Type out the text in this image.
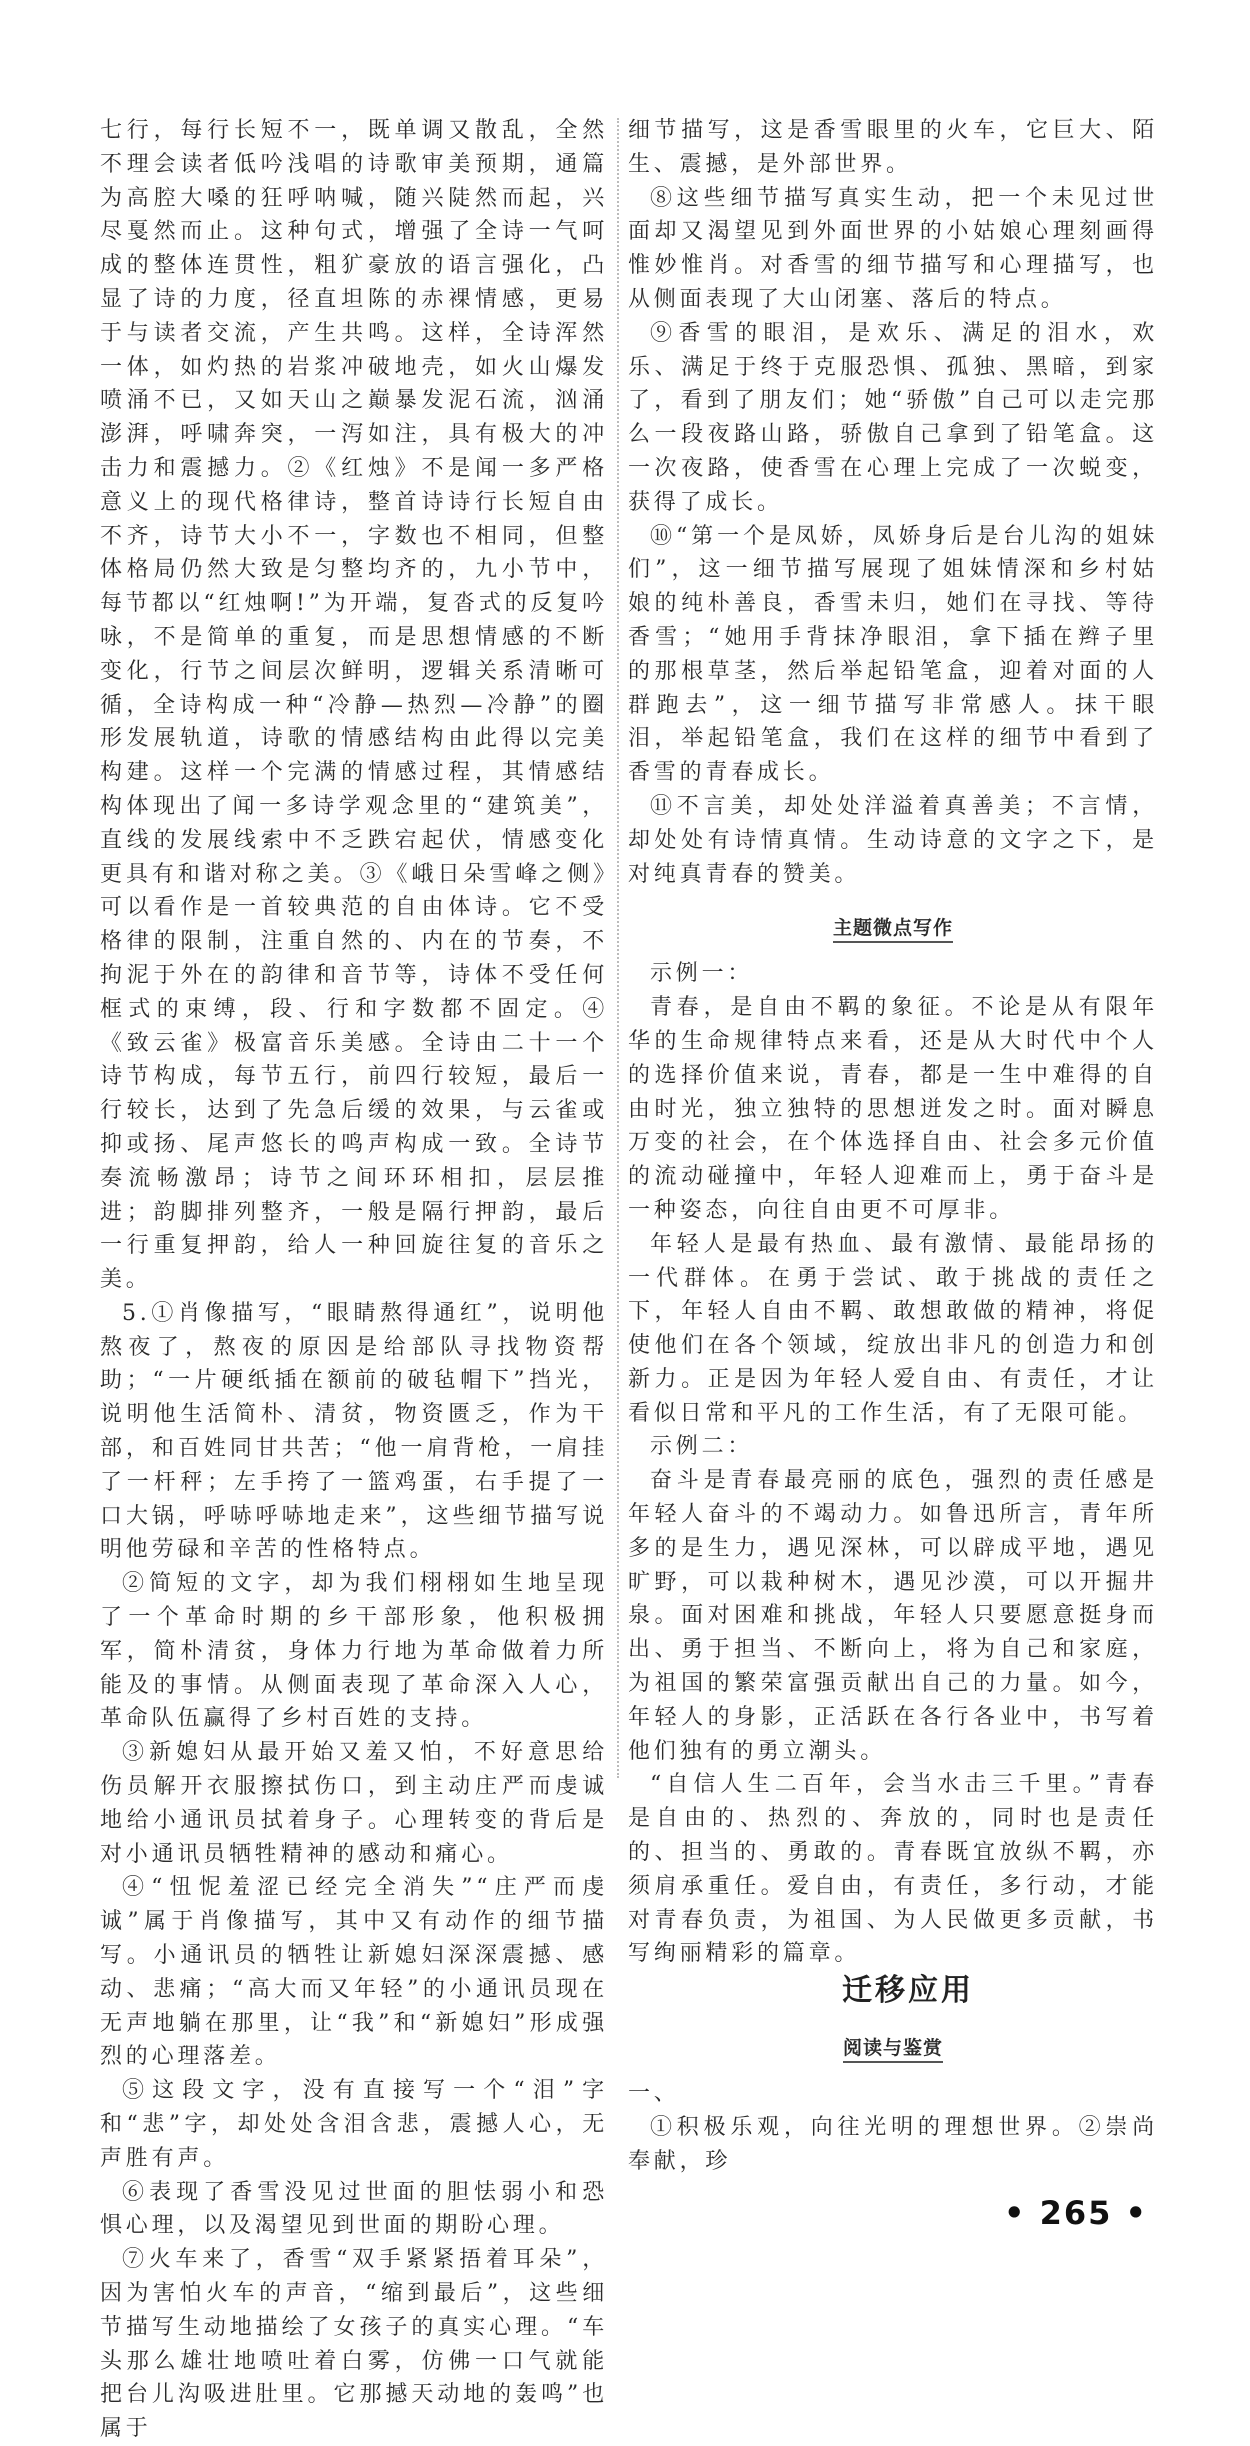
七行，每行长短不一，既单调又散乱，全然不理会读者低吟浅唱的诗歌审美预期，通篇为高腔大嗓的狂呼呐喊，随兴陡然而起，兴尽戛然而止。这种句式，增强了全诗一气呵成的整体连贯性，粗犷豪放的语言强化，凸显了诗的力度，径直坦陈的赤裸情感，更易于与读者交流，产生共鸣。这样，全诗浑然一体，如灼热的岩浆冲破地壳，如火山爆发喷涌不已，又如天山之巅暴发泥石流，汹涌澎湃，呼啸奔突，一泻如注，具有极大的冲击力和震撼力。②《红烛》不是闻一多严格意义上的现代格律诗，整首诗诗行长短自由不齐，诗节大小不一，字数也不相同，但整体格局仍然大致是匀整均齐的，九小节中，每节都以“红烛啊!”为开端，复沓式的反复吟咏，不是简单的重复，而是思想情感的不断变化，行节之间层次鲜明，逻辑关系清晰可循，全诗构成一种“冷静—热烈—冷静”的圈形发展轨道，诗歌的情感结构由此得以完美构建。这样一个完满的情感过程，其情感结构体现出了闻一多诗学观念里的“建筑美”，直线的发展线索中不乏跌宕起伏，情感变化更具有和谐对称之美。③《峨日朵雪峰之侧》可以看作是一首较典范的自由体诗。它不受格律的限制，注重自然的、内在的节奏，不拘泥于外在的韵律和音节等，诗体不受任何框式的束缚，段、行和字数都不固定。④《致云雀》极富音乐美感。全诗由二十一个诗节构成，每节五行，前四行较短，最后一行较长，达到了先急后缓的效果，与云雀或抑或扬、尾声悠长的鸣声构成一致。全诗节奏流畅激昂；诗节之间环环相扣，层层推进；韵脚排列整齐，一般是隔行押韵，最后一行重复押韵，给人一种回旋往复的音乐之美。

5.①肖像描写，“眼睛熬得通红”，说明他熬夜了，熬夜的原因是给部队寻找物资帮助；“一片硬纸插在额前的破毡帽下”挡光，说明他生活简朴、清贫，物资匮乏，作为干部，和百姓同甘共苦；“他一肩背枪，一肩挂了一杆秤；左手挎了一篮鸡蛋，右手提了一口大锅，呼哧呼哧地走来”，这些细节描写说明他劳碌和辛苦的性格特点。

②简短的文字，却为我们栩栩如生地呈现了一个革命时期的乡干部形象，他积极拥军，简朴清贫，身体力行地为革命做着力所能及的事情。从侧面表现了革命深入人心，革命队伍赢得了乡村百姓的支持。

③新媳妇从最开始又羞又怕，不好意思给伤员解开衣服擦拭伤口，到主动庄严而虔诚地给小通讯员拭着身子。心理转变的背后是对小通讯员牺牲精神的感动和痛心。

④“忸怩羞涩已经完全消失”“庄严而虔诚”属于肖像描写，其中又有动作的细节描写。小通讯员的牺牲让新媳妇深深震撼、感动、悲痛；“高大而又年轻”的小通讯员现在无声地躺在那里，让“我”和“新媳妇”形成强烈的心理落差。

⑤这段文字，没有直接写一个“泪”字和“悲”字，却处处含泪含悲，震撼人心，无声胜有声。

⑥表现了香雪没见过世面的胆怯弱小和恐惧心理，以及渴望见到世面的期盼心理。

⑦火车来了，香雪“双手紧紧捂着耳朵”，因为害怕火车的声音，“缩到最后”，这些细节描写生动地描绘了女孩子的真实心理。“车头那么雄壮地喷吐着白雾，仿佛一口气就能把台儿沟吸进肚里。它那撼天动地的轰鸣”也属于

细节描写，这是香雪眼里的火车，它巨大、陌生、震撼，是外部世界。

⑧这些细节描写真实生动，把一个未见过世面却又渴望见到外面世界的小姑娘心理刻画得惟妙惟肖。对香雪的细节描写和心理描写，也从侧面表现了大山闭塞、落后的特点。

⑨香雪的眼泪，是欢乐、满足的泪水，欢乐、满足于终于克服恐惧、孤独、黑暗，到家了，看到了朋友们；她“骄傲”自己可以走完那么一段夜路山路，骄傲自己拿到了铅笔盒。这一次夜路，使香雪在心理上完成了一次蜕变，获得了成长。

⑩“第一个是凤娇，凤娇身后是台儿沟的姐妹们”，这一细节描写展现了姐妹情深和乡村姑娘的纯朴善良，香雪未归，她们在寻找、等待香雪；“她用手背抹净眼泪，拿下插在辫子里的那根草茎，然后举起铅笔盒，迎着对面的人群跑去”，这一细节描写非常感人。抹干眼泪，举起铅笔盒，我们在这样的细节中看到了香雪的青春成长。

⑪不言美，却处处洋溢着真善美；不言情，却处处有诗情真情。生动诗意的文字之下，是对纯真青春的赞美。

主题微点写作

示例一：

青春，是自由不羁的象征。不论是从有限年华的生命规律特点来看，还是从大时代中个人的选择价值来说，青春，都是一生中难得的自由时光，独立独特的思想迸发之时。面对瞬息万变的社会，在个体选择自由、社会多元价值的流动碰撞中，年轻人迎难而上，勇于奋斗是一种姿态，向往自由更不可厚非。

年轻人是最有热血、最有激情、最能昂扬的一代群体。在勇于尝试、敢于挑战的责任之下，年轻人自由不羁、敢想敢做的精神，将促使他们在各个领域，绽放出非凡的创造力和创新力。正是因为年轻人爱自由、有责任，才让看似日常和平凡的工作生活，有了无限可能。

示例二：

奋斗是青春最亮丽的底色，强烈的责任感是年轻人奋斗的不竭动力。如鲁迅所言，青年所多的是生力，遇见深林，可以辟成平地，遇见旷野，可以栽种树木，遇见沙漠，可以开掘井泉。面对困难和挑战，年轻人只要愿意挺身而出、勇于担当、不断向上，将为自己和家庭，为祖国的繁荣富强贡献出自己的力量。如今，年轻人的身影，正活跃在各行各业中，书写着他们独有的勇立潮头。

“自信人生二百年，会当水击三千里。”青春是自由的、热烈的、奔放的，同时也是责任的、担当的、勇敢的。青春既宜放纵不羁，亦须肩承重任。爱自由，有责任，多行动，才能对青春负责，为祖国、为人民做更多贡献，书写绚丽精彩的篇章。

迁移应用

阅读与鉴赏

一、

①积极乐观，向往光明的理想世界。②崇尚奉献，珍

• 265 •
